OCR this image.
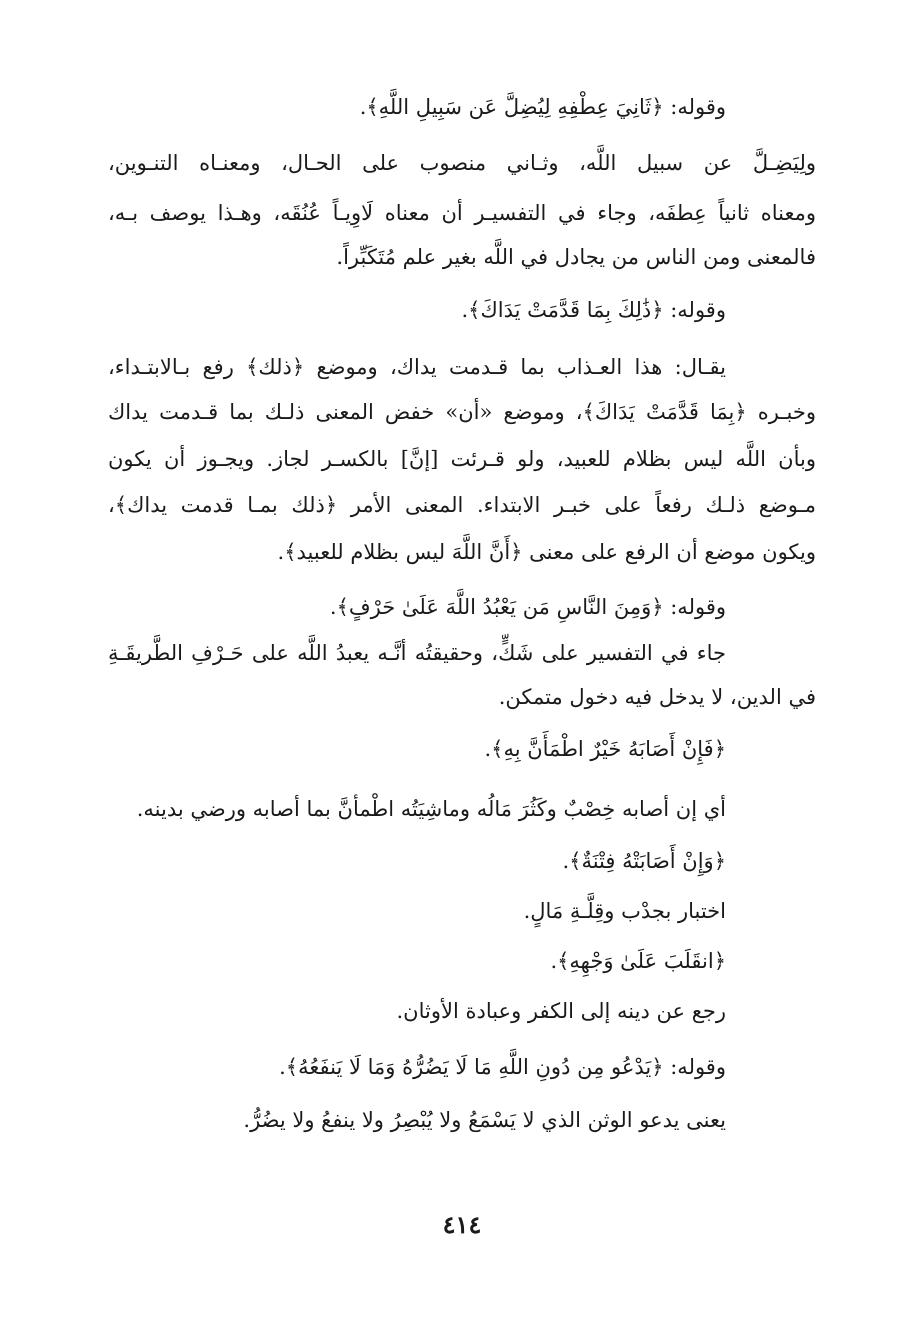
وقوله: ﴿ثَانِيَ عِطْفِهِ لِيُضِلَّ عَن سَبِيلِ اللَّهِ﴾.
ولِيَضِـلَّ عن سبيل اللَّه، وثـاني منصوب على الحـال، ومعنـاه التنـوين،
ومعناه ثانياً عِطفَه، وجاء في التفسيـر أن معناه لَاوِيـاً عُنُقَه، وهـذا يوصف بـه،
فالمعنى ومن الناس من يجادل في اللَّه بغير علم مُتَكَبِّراً.
وقوله: ﴿ذَٰلِكَ بِمَا قَدَّمَتْ يَدَاكَ﴾.
يقـال: هذا العـذاب بما قـدمت يداك، وموضع ﴿ذلك﴾ رفع بـالابتـداء،
وخبـره ﴿بِمَا قَدَّمَتْ يَدَاكَ﴾، وموضع «أن» خفض المعنى ذلـك بما قـدمت يداك
وبأن اللَّه ليس بظلام للعبيد، ولو قـرئت [إنَّ] بالكسـر لجاز. ويجـوز أن يكون
مـوضع ذلـك رفعاً على خبـر الابتداء. المعنى الأمر ﴿ذلك بمـا قدمت يداك﴾،
ويكون موضع أن الرفع على معنى ﴿أَنَّ اللَّهَ ليس بظلام للعبيد﴾.
وقوله: ﴿وَمِنَ النَّاسِ مَن يَعْبُدُ اللَّهَ عَلَىٰ حَرْفٍ﴾.
جاء في التفسير على شَكٍّ، وحقيقتُه أنَّـه يعبدُ اللَّه على حَـرْفِ الطَّريقَـةِ
في الدين، لا يدخل فيه دخول متمكن.
﴿فَإِنْ أَصَابَهُ خَيْرٌ اطْمَأَنَّ بِهِ﴾.
أي إن أصابه خِصْبٌ وكَثُرَ مَالُه وماشِيَتُه اطْمأنَّ بما أصابه ورضي بدينه.
﴿وَإِنْ أَصَابَتْهُ فِتْنَةٌ﴾.
اختبار بجدْب وقِلَّـةِ مَالٍ.
﴿انقَلَبَ عَلَىٰ وَجْهِهِ﴾.
رجع عن دينه إلى الكفر وعبادة الأوثان.
وقوله: ﴿يَدْعُو مِن دُونِ اللَّهِ مَا لَا يَضُرُّهُ وَمَا لَا يَنفَعُهُ﴾.
يعنى يدعو الوثن الذي لا يَسْمَعُ ولا يُبْصِرُ ولا ينفعُ ولا يضُرُّ.
٤١٤
